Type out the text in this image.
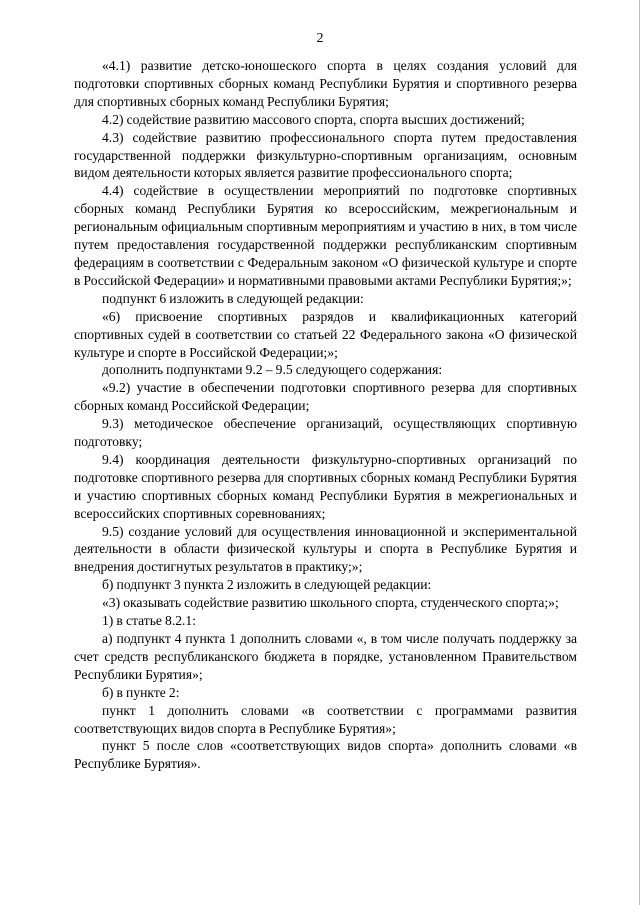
2

«4.1) развитие детско-юношеского спорта в целях создания условий для подготовки спортивных сборных команд Республики Бурятия и спортивного резерва для спортивных сборных команд Республики Бурятия;

4.2) содействие развитию массового спорта, спорта высших достижений;

4.3) содействие развитию профессионального спорта путем предоставления государственной поддержки физкультурно-спортивным организациям, основным видом деятельности которых является развитие профессионального спорта;

4.4) содействие в осуществлении мероприятий по подготовке спортивных сборных команд Республики Бурятия ко всероссийским, межрегиональным и региональным официальным спортивным мероприятиям и участию в них, в том числе путем предоставления государственной поддержки республиканским спортивным федерациям в соответствии с Федеральным законом «О физической культуре и спорте в Российской Федерации» и нормативными правовыми актами Республики Бурятия;»;

подпункт 6 изложить в следующей редакции:

«6) присвоение спортивных разрядов и квалификационных категорий спортивных судей в соответствии со статьей 22 Федерального закона «О физической культуре и спорте в Российской Федерации;»;

дополнить подпунктами 9.2 – 9.5 следующего содержания:

«9.2) участие в обеспечении подготовки спортивного резерва для спортивных сборных команд Российской Федерации;

9.3) методическое обеспечение организаций, осуществляющих спортивную подготовку;

9.4) координация деятельности физкультурно-спортивных организаций по подготовке спортивного резерва для спортивных сборных команд Республики Бурятия и участию спортивных сборных команд Республики Бурятия в межрегиональных и всероссийских спортивных соревнованиях;

9.5) создание условий для осуществления инновационной и экспериментальной деятельности в области физической культуры и спорта в Республике Бурятия и внедрения достигнутых результатов в практику;»;

б) подпункт 3 пункта 2 изложить в следующей редакции:

«3) оказывать содействие развитию школьного спорта, студенческого спорта;»;

1) в статье 8.2.1:

а) подпункт 4 пункта 1 дополнить словами «, в том числе получать поддержку за счет средств республиканского бюджета в порядке, установленном Правительством Республики Бурятия»;

б) в пункте 2:

пункт 1 дополнить словами «в соответствии с программами развития соответствующих видов спорта в Республике Бурятия»;

пункт 5 после слов «соответствующих видов спорта» дополнить словами «в Республике Бурятия».
